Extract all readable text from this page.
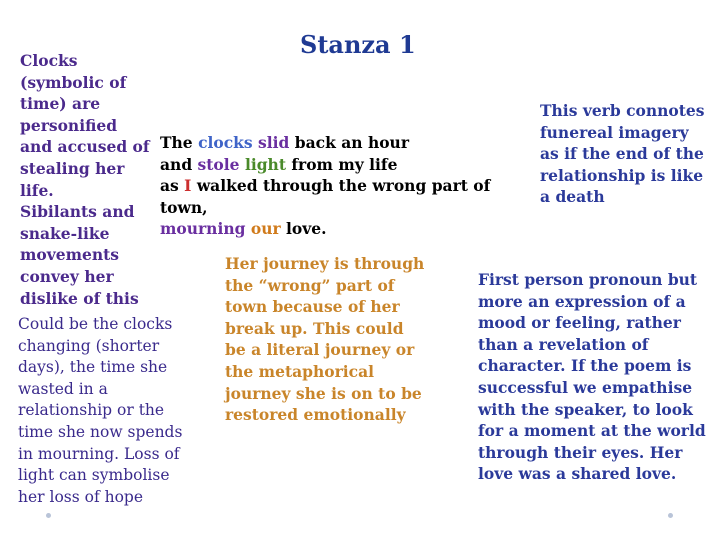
Stanza 1
Clocks
(symbolic of
time) are
personified
and accused of
stealing her life.
Sibilants and
snake-like
movements
convey her
dislike of this
The clocks slid back an hour
and stole light from my life
as I walked through the wrong part of town,
mourning our love.
This verb connotes
funereal imagery
as if the end of the
relationship is like
a death
Her journey is through
the “wrong” part of
town because of her
break up. This could
be a literal journey or
the metaphorical
journey she is on to be
restored emotionally
Could be the clocks
changing (shorter
days), the time she
wasted in a
relationship or the
time she now spends
in mourning. Loss of
light can symbolise
her loss of hope
First person pronoun but
more an expression of a
mood or feeling, rather
than a revelation of
character. If the poem is
successful we empathise
with the speaker, to look
for a moment at the world
through their eyes. Her
love was a shared love.
